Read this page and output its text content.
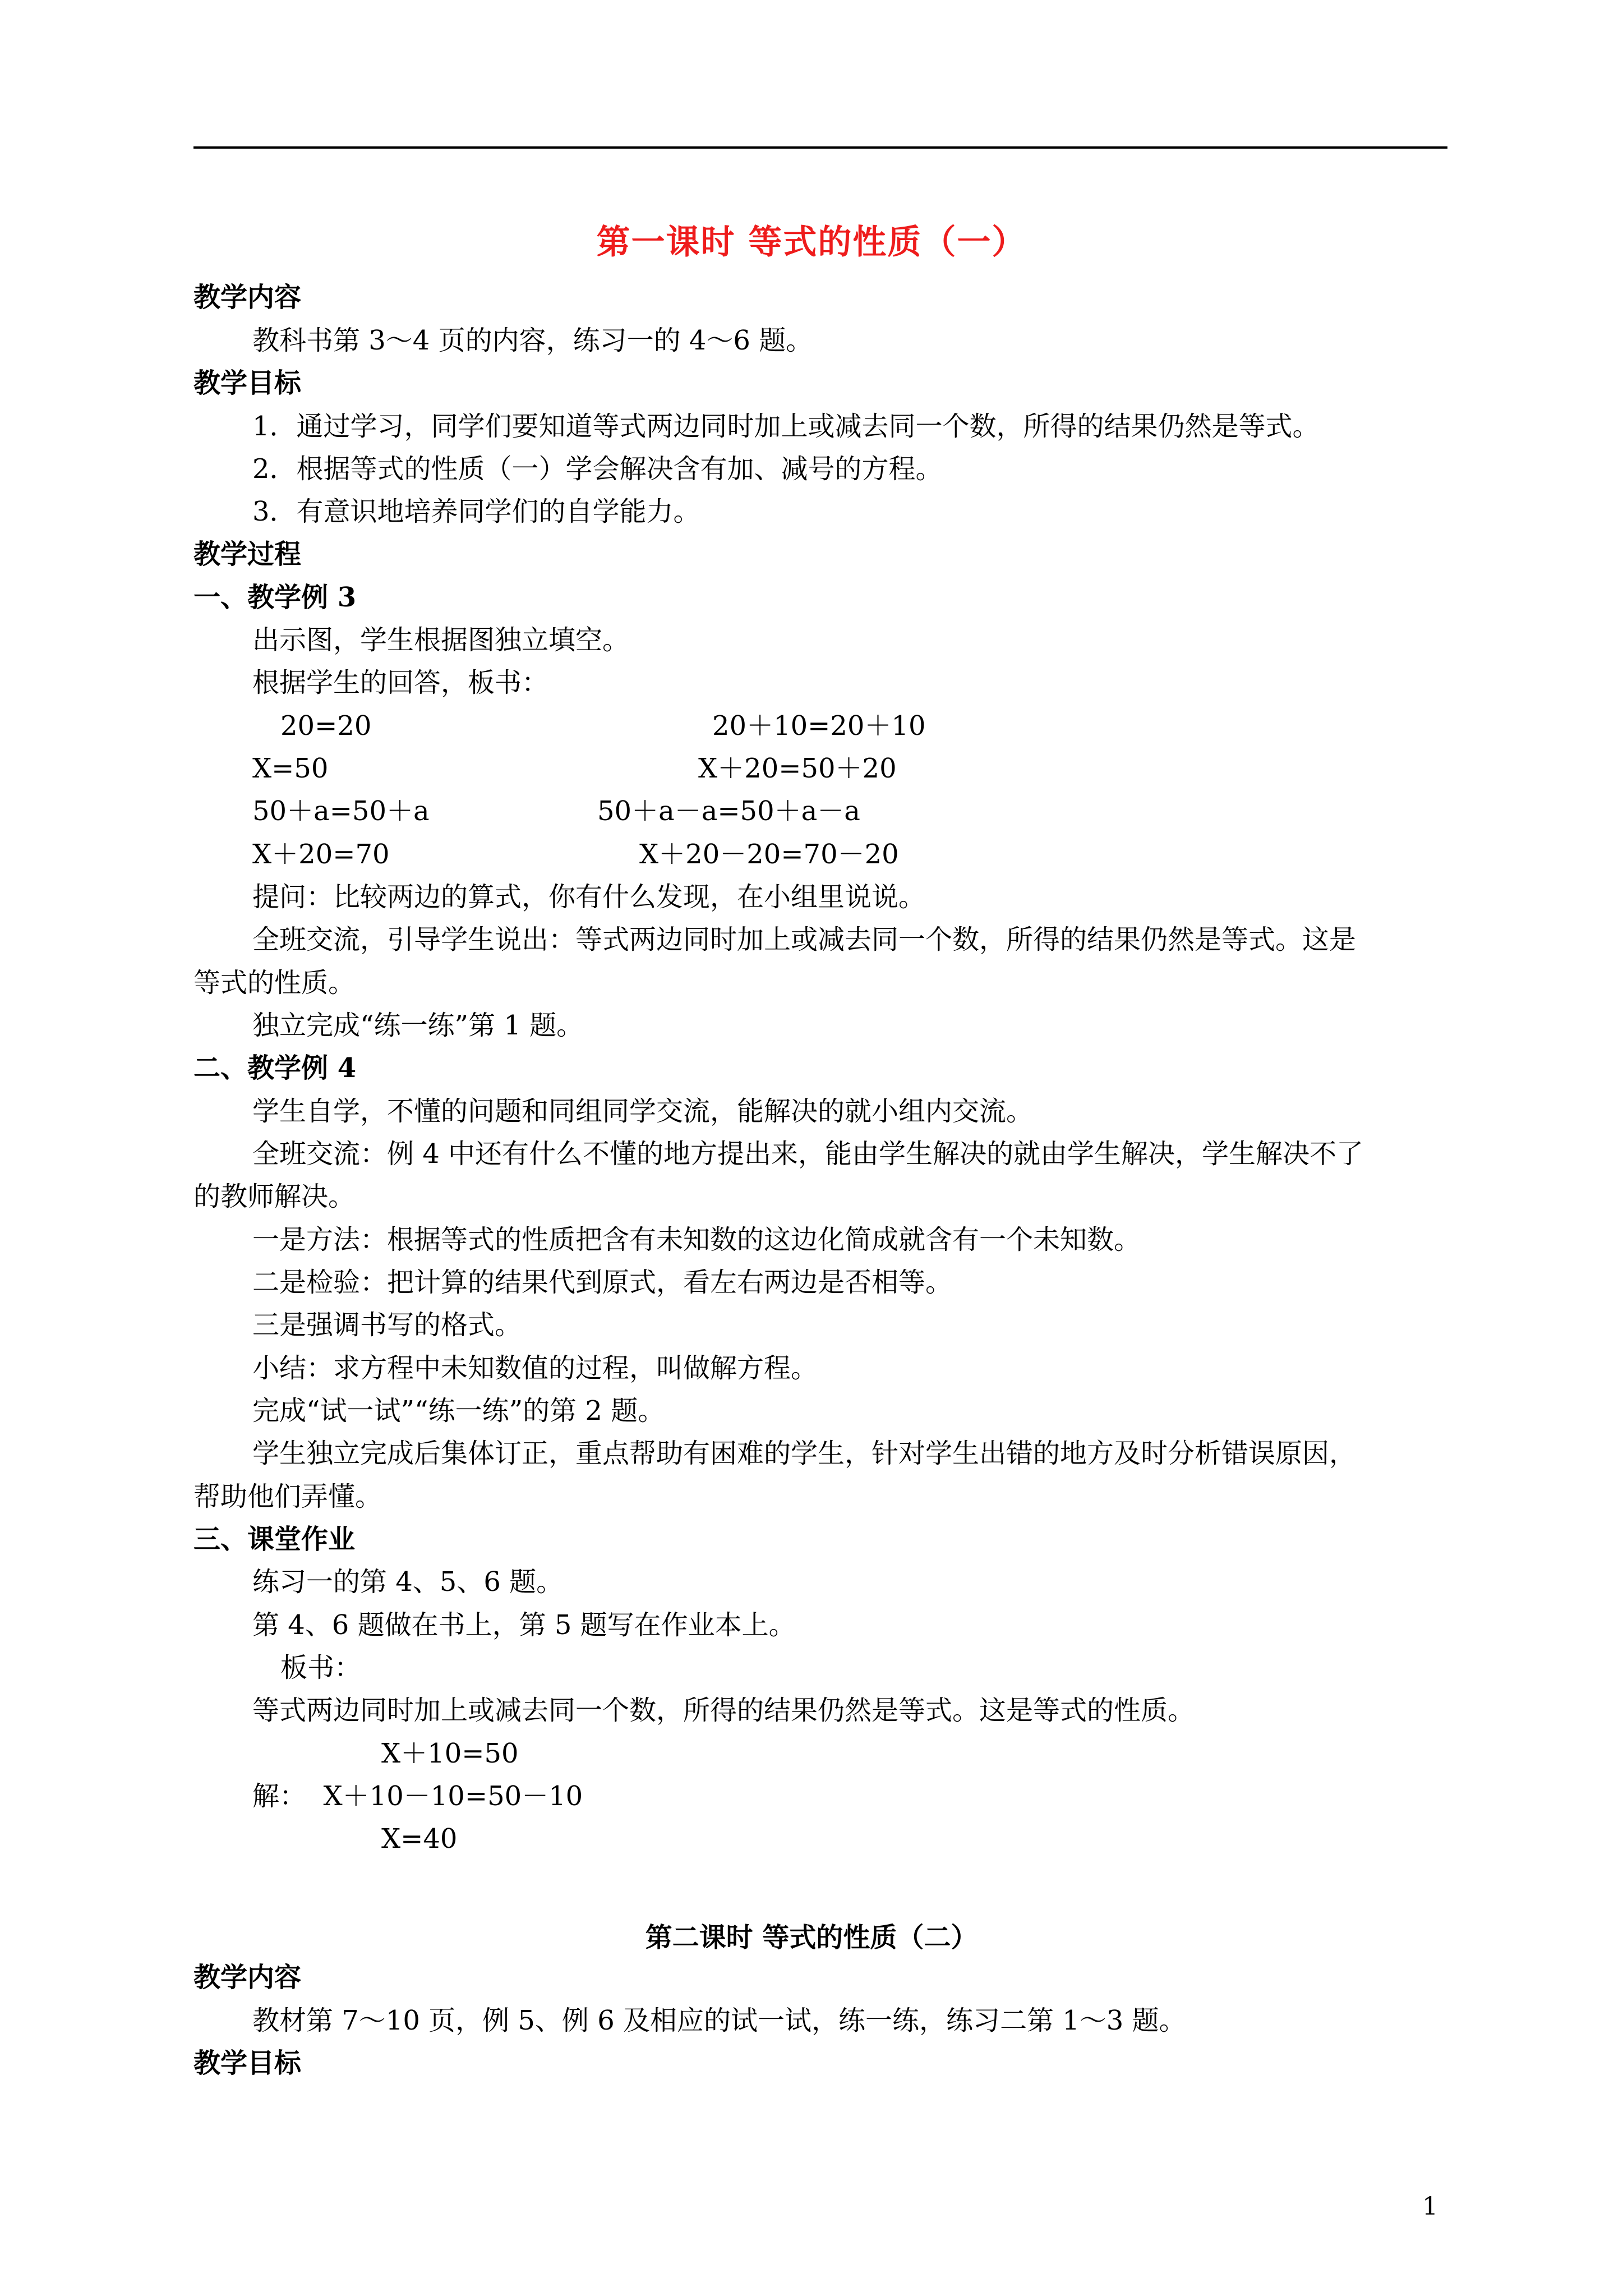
第一课时 等式的性质（一）
教学内容
教科书第 3～4 页的内容，练习一的 4～6 题。
教学目标
1．通过学习，同学们要知道等式两边同时加上或减去同一个数，所得的结果仍然是等式。
2．根据等式的性质（一）学会解决含有加、减号的方程。
3．有意识地培养同学们的自学能力。
教学过程
一、教学例 3
出示图，学生根据图独立填空。
根据学生的回答，板书：
20=20	20＋10=20＋10
X=50	X＋20=50＋20
50＋a=50＋a	50＋a－a=50＋a－a
X＋20=70	X＋20－20=70－20
提问：比较两边的算式，你有什么发现，在小组里说说。
全班交流，引导学生说出：等式两边同时加上或减去同一个数，所得的结果仍然是等式。这是
等式的性质。
独立完成“练一练”第 1 题。
二、教学例 4
学生自学，不懂的问题和同组同学交流，能解决的就小组内交流。
全班交流：例 4 中还有什么不懂的地方提出来，能由学生解决的就由学生解决，学生解决不了
的教师解决。
一是方法：根据等式的性质把含有未知数的这边化简成就含有一个未知数。
二是检验：把计算的结果代到原式，看左右两边是否相等。
三是强调书写的格式。
小结：求方程中未知数值的过程，叫做解方程。
完成“试一试”“练一练”的第 2 题。
学生独立完成后集体订正，重点帮助有困难的学生，针对学生出错的地方及时分析错误原因，
帮助他们弄懂。
三、课堂作业
练习一的第 4、5、6 题。
第 4、6 题做在书上，第 5 题写在作业本上。
板书：
等式两边同时加上或减去同一个数，所得的结果仍然是等式。这是等式的性质。
X＋10=50
解：  X＋10－10=50－10
X=40
第二课时 等式的性质（二）
教学内容
教材第 7～10 页，例 5、例 6 及相应的试一试，练一练，练习二第 1～3 题。
教学目标
1
